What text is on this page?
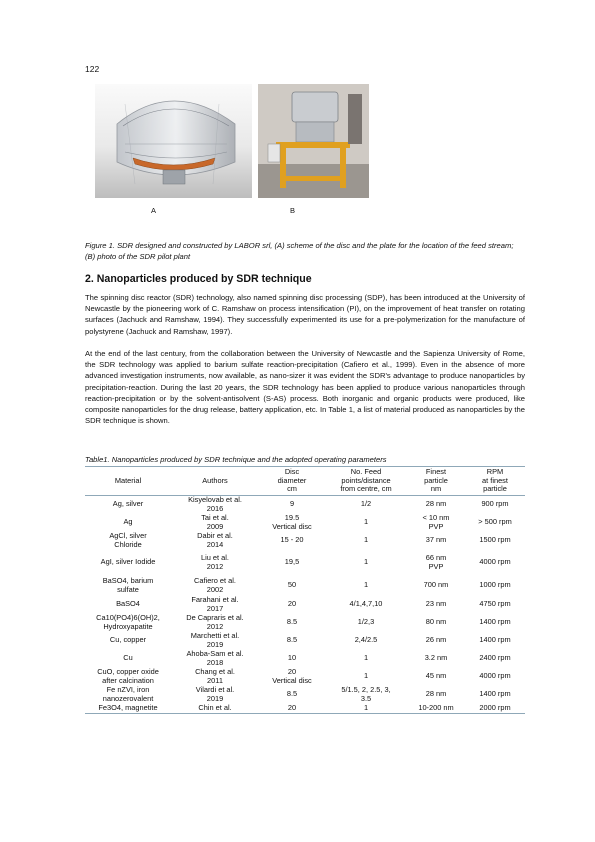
122
A	B
Figure 1. SDR designed and constructed by LABOR srl, (A) scheme of the disc and the plate for the location of the feed stream; (B) photo of the SDR pilot plant
2. Nanoparticles produced by SDR technique
The spinning disc reactor (SDR) technology, also named spinning disc processing (SDP), has been introduced at the University of Newcastle by the pioneering work of C. Ramshaw on process intensification (PI), on the improvement of heat transfer on rotating surfaces (Jachuck and Ramshaw, 1994). They successfully experimented its use for a pre-polymerization for the manufacture of polystyrene (Jachuck and Ramshaw, 1997).
At the end of the last century, from the collaboration between the University of Newcastle and the Sapienza University of Rome, the SDR technology was applied to barium sulfate reaction-precipitation (Cafiero et al., 1999). Even in the absence of more advanced investigation instruments, now available, as nano-sizer it was evident the SDR's advantage to produce nanoparticles by precipitation-reaction. During the last 20 years, the SDR technology has been applied to produce various nanoparticles through reaction-precipitation or by the solvent-antisolvent (S-AS) process. Both inorganic and organic products were produced, like composite nanoparticles for the drug release, battery application, etc. In Table 1, a list of material produced as nanoparticles by the SDR technique is shown.
Table1. Nanoparticles produced by SDR technique and the adopted operating parameters
Material	Authors	Disc
diameter
cm	No. Feed
points/distance
from centre, cm	Finest
particle
nm	RPM
at finest
particle

Ag, silver	Kisyelovab et al.
2016	9	1/2	28 nm	900 rpm

Ag	Tai et al.
2009	19.5
Vertical disc	1	< 10 nm
PVP	> 500 rpm

AgCl, silver
Chloride	Dabir et al.
2014	15 - 20	1	37 nm	1500 rpm

AgI, silver Iodide	Liu et al.
2012	19,5	1	66 nm
PVP	4000 rpm

BaSO4, barium
sulfate	Cafiero et al.
2002	50	1	700 nm	1000 rpm

BaSO4	Farahani et al.
2017	20	4/1,4,7,10	23 nm	4750 rpm

Ca10(PO4)6(OH)2,
Hydroxyapatite	De Capraris et al.
2012	8.5	1/2,3	80 nm	1400 rpm

Cu, copper	Marchetti et al.
2019	8.5	2,4/2.5	26 nm	1400 rpm

Cu	Ahoba-Sam et al.
2018	10	1	3.2 nm	2400 rpm

CuO, copper oxide
after calcination	Chang et al.
2011	20
Vertical disc	1	45 nm	4000 rpm

Fe nZVI, iron
nanozerovalent	Vilardi et al.
2019	8.5	5/1.5, 2, 2.5, 3,
3.5	28 nm	1400 rpm

Fe3O4, magnetite	Chin et al.	20	1	10-200 nm	2000 rpm
